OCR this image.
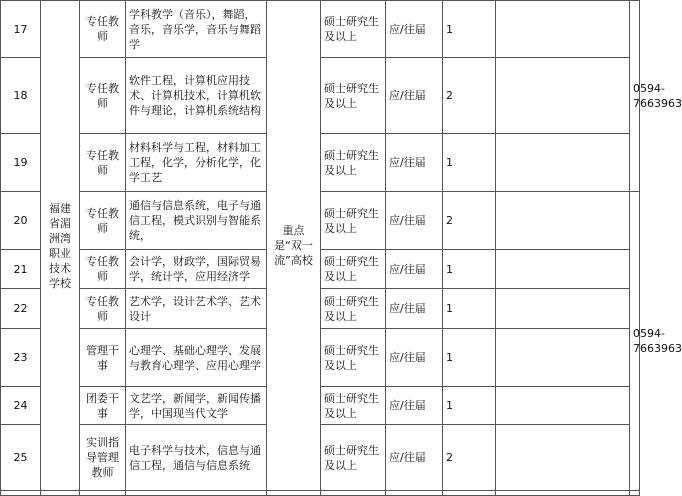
17	福建省湄洲湾职业技术学校	专任教师	学科教学（音乐），舞蹈，音乐，音乐学，音乐与舞蹈学	重点是“双一流”高校	硕士研究生及以上	应/往届	1		0594-7663963
18		专任教师	软件工程，计算机应用技术、计算机技术，计算机软件与理论，计算机系统结构		硕士研究生及以上	应/往届	2		
19		专任教师	材料科学与工程，材料加工工程，化学，分析化学，化学工艺		硕士研究生及以上	应/往届	1		
20		专任教师	通信与信息系统，电子与通信工程，模式识别与智能系统，		硕士研究生及以上	应/往届	2		0594-7663963
21		专任教师	会计学，财政学，国际贸易学，统计学，应用经济学		硕士研究生及以上	应/往届	1		
22		专任教师	艺术学，设计艺术学、艺术设计		硕士研究生及以上	应/往届	1		
23		管理干事	心理学、基础心理学、发展与教育心理学、应用心理学		硕士研究生及以上	应/往届	1		
24		团委干事	文艺学，新闻学，新闻传播学，中国现当代文学		硕士研究生及以上	应/往届	1		
25		实训指导管理教师	电子科学与技术，信息与通信工程，通信与信息系统		硕士研究生及以上	应/往届	2		
